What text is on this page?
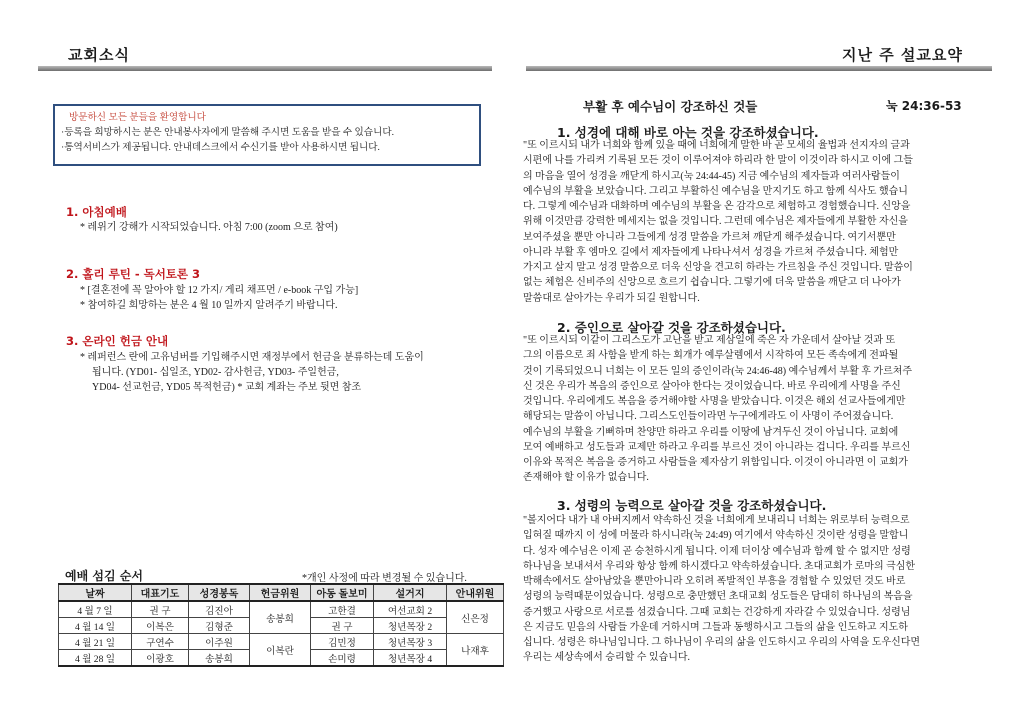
교회소식	지난 주 설교요약
방문하신 모든 분들을 환영합니다
·등록을 희망하시는 분은 안내봉사자에게 말씀해 주시면 도움을 받을 수 있습니다.
·통역서비스가 제공됩니다. 안내데스크에서 수신기를 받아 사용하시면 됩니다.
1. 아침예배

* 레위기 강해가 시작되었습니다. 아침 7:00 (zoom 으로 참여)

2. 홀리 루틴 - 독서토론 3

* [결혼전에 꼭 알아야 할 12 가지/ 게리 채프먼 / e-book 구입 가능]

* 참여하길 희망하는 분은 4 월 10 일까지 알려주기 바랍니다.

3. 온라인 헌금 안내

* 레퍼런스 란에 고유넘버를 기입해주시면 재정부에서 헌금을 분류하는데 도움이

됩니다. (YD01- 십일조, YD02- 감사헌금, YD03- 주일헌금,

YD04- 선교헌금, YD05 목적헌금) * 교회 계좌는 주보 뒷면 참조

예배 섬김 순서	*개인 사정에 따라 변경될 수 있습니다.
날짜	대표기도	성경봉독	헌금위원	아동 돌보미	설거지	안내위원
4 월 7 일	권 구	김진아	송봉희	고한결	여선교회 2	신은정
4 월 14 일	이복은	김형준		권 구	청년목장 2	
4 월 21 일	구연수	이주원	이복란	김민정	청년목장 3	나재후
4 월 28 일	이광호	송봉희		손미령	청년목장 4	
부활 후 예수님이 강조하신 것들	눅 24:36-53
1. 성경에 대해 바로 아는 것을 강조하셨습니다.

"또 이르시되 내가 너희와 함께 있을 때에 너희에게 말한 바 곧 모세의 율법과 선지자의 글과
시편에 나를 가리켜 기록된 모든 것이 이루어져야 하리라 한 말이 이것이라 하시고 이에 그들
의 마음을 열어 성경을 깨닫게 하시고(눅 24:44-45) 지금 예수님의 제자들과 여러사람들이
예수님의 부활을 보았습니다. 그리고 부활하신 예수님을 만지기도 하고 함께 식사도 했습니
다. 그렇게 예수님과 대화하며 예수님의 부활을 온 감각으로 체험하고 경험했습니다. 신앙을
위해 이것만큼 강력한 메세지는 없을 것입니다. 그런데 예수님은 제자들에게 부활한 자신을
보여주셨을 뿐만 아니라 그들에게 성경 말씀을 가르쳐 깨닫게 해주셨습니다. 여기서뿐만
아니라 부활 후 엠마오 길에서 제자들에게 나타나셔서 성경을 가르쳐 주셨습니다. 체험만
가지고 살지 말고 성경 말씀으로 더욱 신앙을 견고히 하라는 가르침을 주신 것입니다. 말씀이
없는 체험은 신비주의 신앙으로 흐르기 쉽습니다. 그렇기에 더욱 말씀을 깨닫고 더 나아가
말씀대로 살아가는 우리가 되길 원합니다.

2. 증인으로 살아갈 것을 강조하셨습니다.

"또 이르시되 이같이 그리스도가 고난을 받고 제삼일에 죽은 자 가운데서 살아날 것과 또
그의 이름으로 죄 사함을 받게 하는 회개가 예루살렘에서 시작하여 모든 족속에게 전파될
것이 기록되었으니 너희는 이 모든 일의 증인이라(눅 24:46-48) 예수님께서 부활 후 가르쳐주
신 것은 우리가 복음의 증인으로 살아야 한다는 것이었습니다. 바로 우리에게 사명을 주신
것입니다. 우리에게도 복음을 증거해야할 사명을 받았습니다. 이것은 해외 선교사들에게만
해당되는 말씀이 아닙니다. 그리스도인들이라면 누구에게라도 이 사명이 주어졌습니다.
예수님의 부활을 기뻐하며 찬양만 하라고 우리를 이땅에 남겨두신 것이 아닙니다. 교회에
모여 예배하고 성도들과 교제만 하라고 우리를 부르신 것이 아니라는 겁니다. 우리를 부르신
이유와 목적은 복음을 증거하고 사람들을 제자삼기 위함입니다. 이것이 아니라면 이 교회가
존재해야 할 이유가 없습니다.

3. 성령의 능력으로 살아갈 것을 강조하셨습니다.

"볼지어다 내가 내 아버지께서 약속하신 것을 너희에게 보내리니 너희는 위로부터 능력으로
입혀질 때까지 이 성에 머물라 하시니라(눅 24:49) 여기에서 약속하신 것이란 성령을 말합니
다. 성자 예수님은 이제 곧 승천하시게 됩니다. 이제 더이상 예수님과 함께 할 수 없지만 성령
하나님을 보내셔서 우리와 항상 함께 하시겠다고 약속하셨습니다. 초대교회가 로마의 극심한
박해속에서도 살아남았을 뿐만아니라 오히려 폭발적인 부흥을 경험할 수 있었던 것도 바로
성령의 능력때문이었습니다. 성령으로 충만했던 초대교회 성도들은 담대히 하나님의 복음을
증거했고 사랑으로 서로를 섬겼습니다. 그때 교회는 건강하게 자라갈 수 있었습니다. 성령님
은 지금도 믿음의 사람들 가운데 거하시며 그들과 동행하시고 그들의 삶을 인도하고 지도하
십니다. 성령은 하나님입니다. 그 하나님이 우리의 삶을 인도하시고 우리의 사역을 도우신다면
우리는 세상속에서 승리할 수 있습니다.
